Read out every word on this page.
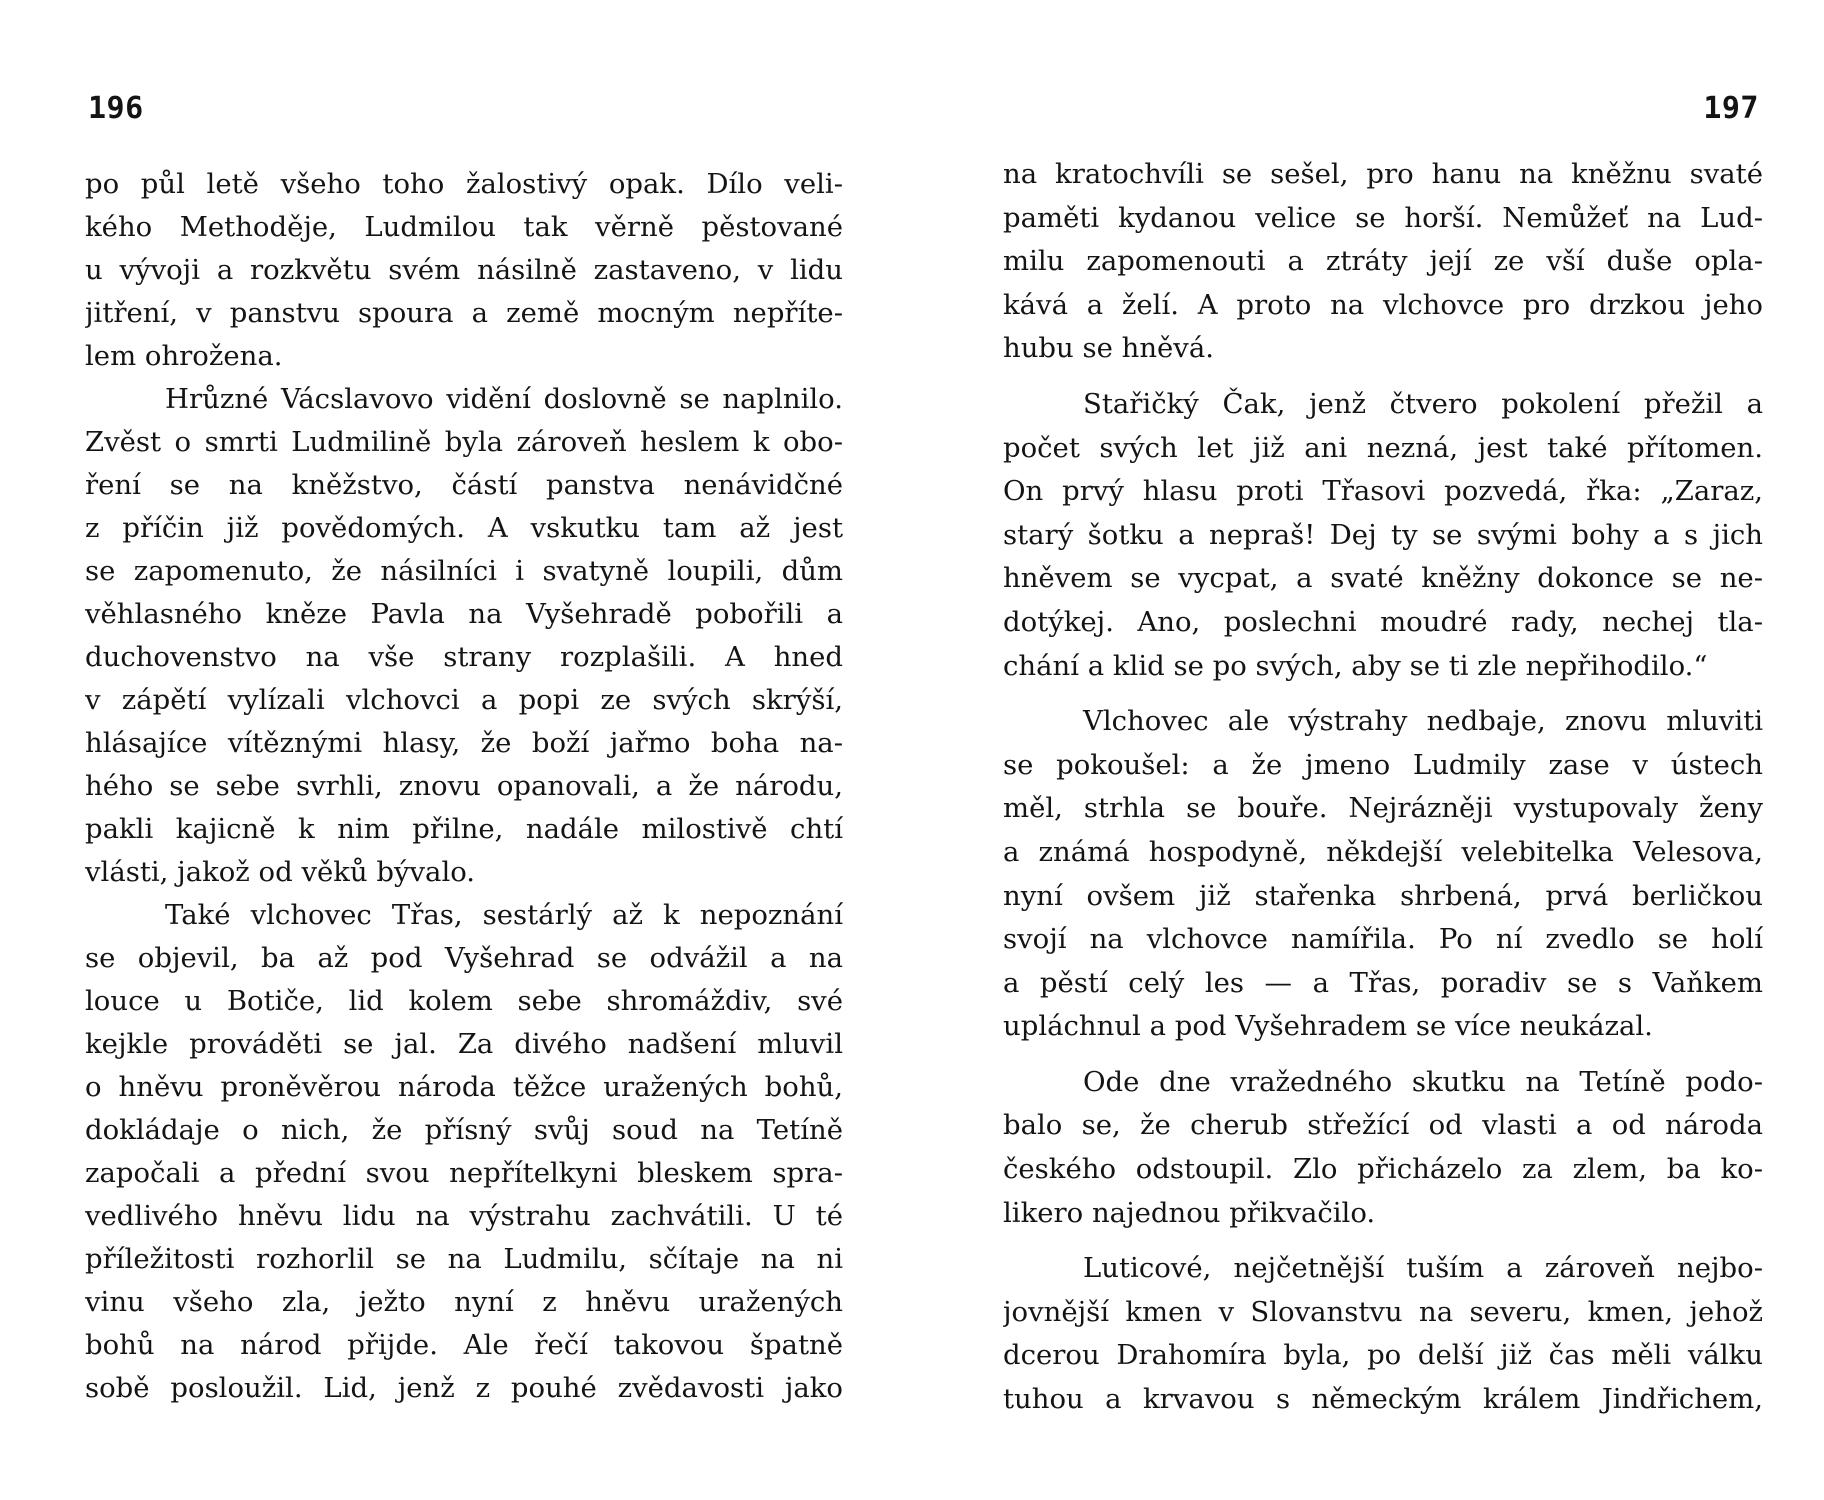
196
po půl letě všeho toho žalostivý opak. Dílo veli-
kého Methoděje, Ludmilou tak věrně pěstované
u vývoji a rozkvětu svém násilně zastaveno, v lidu
jitření, v panstvu spoura a země mocným nepříte-
lem ohrožena.
Hrůzné Vácslavovo vidění doslovně se naplnilo.
Zvěst o smrti Ludmilině byla zároveň heslem k obo-
ření se na kněžstvo, částí panstva nenávidčné
z příčin již povědomých. A vskutku tam až jest
se zapomenuto, že násilníci i svatyně loupili, dům
věhlasného kněze Pavla na Vyšehradě pobořili a
duchovenstvo na vše strany rozplašili. A hned
v zápětí vylízali vlchovci a popi ze svých skrýší,
hlásajíce vítěznými hlasy, že boží jařmo boha na-
hého se sebe svrhli, znovu opanovali, a že národu,
pakli kajicně k nim přilne, nadále milostivě chtí
vlásti, jakož od věků bývalo.
Také vlchovec Třas, sestárlý až k nepoznání
se objevil, ba až pod Vyšehrad se odvážil a na
louce u Botiče, lid kolem sebe shromáždiv, své
kejkle prováděti se jal. Za divého nadšení mluvil
o hněvu proněvěrou národa těžce uražených bohů,
dokládaje o nich, že přísný svůj soud na Tetíně
započali a přední svou nepřítelkyni bleskem spra-
vedlivého hněvu lidu na výstrahu zachvátili. U té
příležitosti rozhorlil se na Ludmilu, sčítaje na ni
vinu všeho zla, ježto nyní z hněvu uražených
bohů na národ přijde. Ale řečí takovou špatně
sobě posloužil. Lid, jenž z pouhé zvědavosti jako
197
na kratochvíli se sešel, pro hanu na kněžnu svaté
paměti kydanou velice se horší. Nemůžeť na Lud-
milu zapomenouti a ztráty její ze vší duše opla-
kává a želí. A proto na vlchovce pro drzkou jeho
hubu se hněvá.
Stařičký Čak, jenž čtvero pokolení přežil a
počet svých let již ani nezná, jest také přítomen.
On prvý hlasu proti Třasovi pozvedá, řka: „Zaraz,
starý šotku a nepraš! Dej ty se svými bohy a s jich
hněvem se vycpat, a svaté kněžny dokonce se ne-
dotýkej. Ano, poslechni moudré rady, nechej tla-
chání a klid se po svých, aby se ti zle nepřihodilo.“
Vlchovec ale výstrahy nedbaje, znovu mluviti
se pokoušel: a že jmeno Ludmily zase v ústech
měl, strhla se bouře. Nejrázněji vystupovaly ženy
a známá hospodyně, někdejší velebitelka Velesova,
nyní ovšem již stařenka shrbená, prvá berličkou
svojí na vlchovce namířila. Po ní zvedlo se holí
a pěstí celý les — a Třas, poradiv se s Vaňkem
upláchnul a pod Vyšehradem se více neukázal.
Ode dne vražedného skutku na Tetíně podo-
balo se, že cherub střežící od vlasti a od národa
českého odstoupil. Zlo přicházelo za zlem, ba ko-
likero najednou přikvačilo.
Luticové, nejčetnější tuším a zároveň nejbo-
jovnější kmen v Slovanstvu na severu, kmen, jehož
dcerou Drahomíra byla, po delší již čas měli válku
tuhou a krvavou s německým králem Jindřichem,
